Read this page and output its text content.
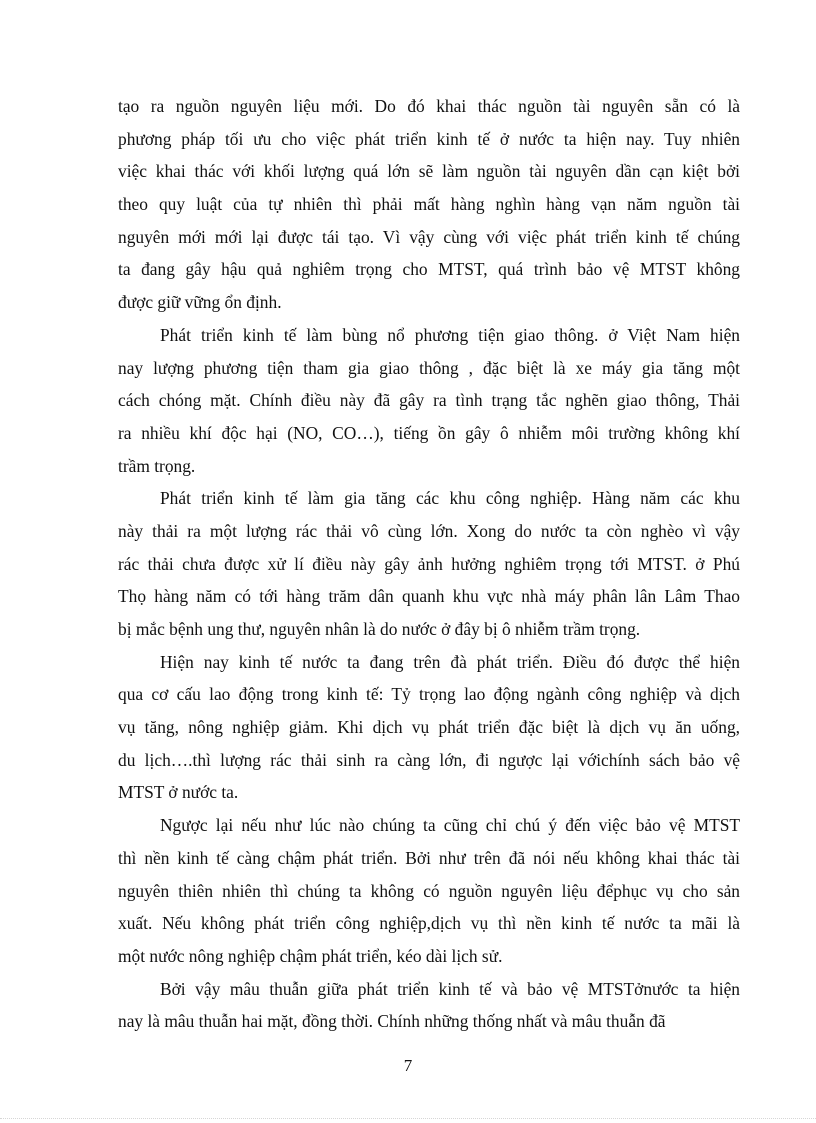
tạo ra nguồn nguyên liệu mới. Do đó khai thác nguồn tài nguyên sẵn có là
phương pháp tối ưu cho việc phát triển kinh tế ở nước ta hiện nay. Tuy nhiên
việc khai thác với khối lượng quá lớn sẽ làm nguồn tài nguyên dần cạn kiệt bởi
theo quy luật của tự nhiên thì phải mất hàng nghìn hàng vạn năm nguồn tài
nguyên mới mới lại được tái tạo. Vì vậy cùng với việc phát triển kinh tế chúng
ta đang gây hậu quả nghiêm trọng cho MTST, quá trình bảo vệ MTST không
được giữ vững ổn định.
Phát triển kinh tế làm bùng nổ phương tiện giao thông. ở Việt Nam hiện
nay lượng phương tiện tham gia giao thông , đặc biệt là xe máy gia tăng một
cách chóng mặt. Chính điều này đã gây ra tình trạng tắc nghẽn giao thông, Thải
ra nhiều khí độc hại (NO, CO…), tiếng ồn gây ô nhiễm môi trường không khí
trầm trọng.
Phát triển kinh tế làm gia tăng các khu công nghiệp. Hàng năm các khu
này thải ra một lượng rác thải vô cùng lớn. Xong do nước ta còn nghèo vì vậy
rác thải chưa được xử lí điều này gây ảnh hưởng nghiêm trọng tới MTST. ở Phú
Thọ hàng năm có tới hàng trăm dân quanh khu vực nhà máy phân lân Lâm Thao
bị mắc bệnh ung thư, nguyên nhân là do nước ở đây bị ô nhiễm trầm trọng.
Hiện nay kinh tế nước ta đang trên đà phát triển. Điều đó được thể hiện
qua cơ cấu lao động trong kinh tế: Tỷ trọng lao động ngành công nghiệp và dịch
vụ tăng, nông nghiệp giảm. Khi dịch vụ phát triển đặc biệt là dịch vụ ăn uống,
du lịch….thì lượng rác thải sinh ra càng lớn, đi ngược lại vớichính sách bảo vệ
MTST ở nước ta.
Ngược lại nếu như lúc nào chúng ta cũng chỉ chú ý đến việc bảo vệ MTST
thì nền kinh tế càng chậm phát triển. Bởi như trên đã nói nếu không khai thác tài
nguyên thiên nhiên thì chúng ta không có nguồn nguyên liệu đểphục vụ cho sản
xuất. Nếu không phát triển công nghiệp,dịch vụ thì nền kinh tế nước ta mãi là
một nước nông nghiệp chậm phát triển, kéo dài lịch sử.
Bởi vậy mâu thuẫn giữa phát triển kinh tế và bảo vệ MTSTởnước ta hiện
nay là mâu thuẫn hai mặt, đồng thời. Chính những thống nhất và mâu thuẫn đã
7
